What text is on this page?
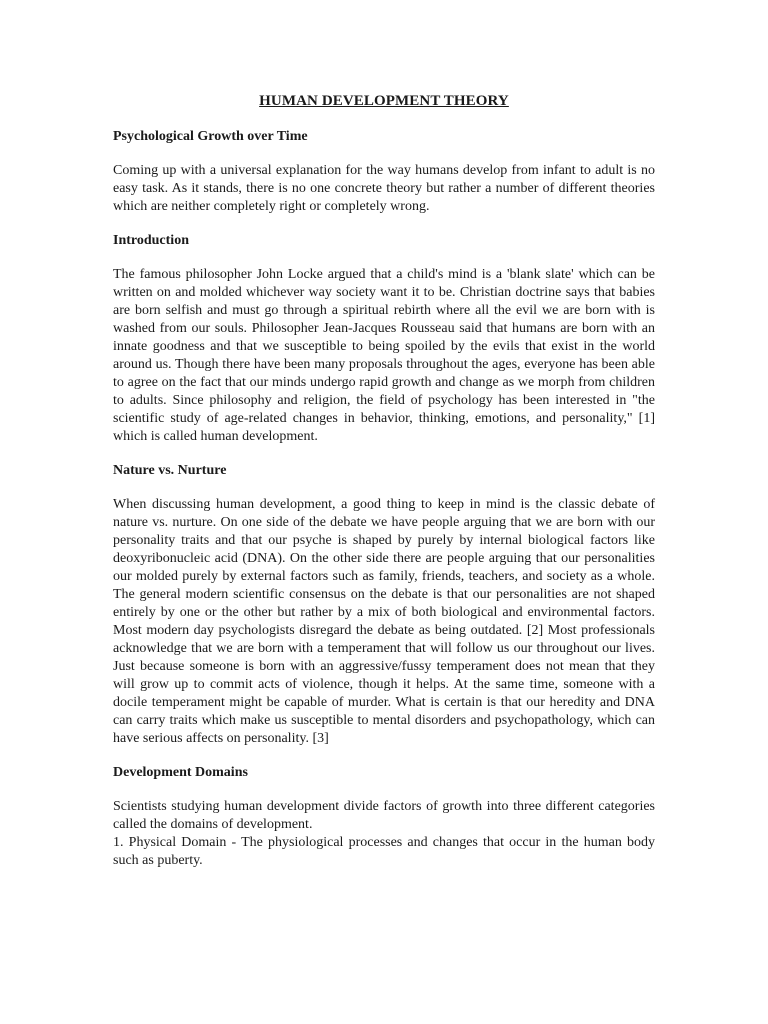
HUMAN DEVELOPMENT THEORY
Psychological Growth over Time

Coming up with a universal explanation for the way humans develop from infant to adult is no easy task. As it stands, there is no one concrete theory but rather a number of different theories which are neither completely right or completely wrong.

Introduction

The famous philosopher John Locke argued that a child's mind is a 'blank slate' which can be written on and molded whichever way society want it to be. Christian doctrine says that babies are born selfish and must go through a spiritual rebirth where all the evil we are born with is washed from our souls. Philosopher Jean-Jacques Rousseau said that humans are born with an innate goodness and that we susceptible to being spoiled by the evils that exist in the world around us. Though there have been many proposals throughout the ages, everyone has been able to agree on the fact that our minds undergo rapid growth and change as we morph from children to adults. Since philosophy and religion, the field of psychology has been interested in "the scientific study of age-related changes in behavior, thinking, emotions, and personality," [1] which is called human development.

Nature vs. Nurture

When discussing human development, a good thing to keep in mind is the classic debate of nature vs. nurture. On one side of the debate we have people arguing that we are born with our personality traits and that our psyche is shaped by purely by internal biological factors like deoxyribonucleic acid (DNA). On the other side there are people arguing that our personalities our molded purely by external factors such as family, friends, teachers, and society as a whole. The general modern scientific consensus on the debate is that our personalities are not shaped entirely by one or the other but rather by a mix of both biological and environmental factors. Most modern day psychologists disregard the debate as being outdated. [2] Most professionals acknowledge that we are born with a temperament that will follow us our throughout our lives. Just because someone is born with an aggressive/fussy temperament does not mean that they will grow up to commit acts of violence, though it helps. At the same time, someone with a docile temperament might be capable of murder. What is certain is that our heredity and DNA can carry traits which make us susceptible to mental disorders and psychopathology, which can have serious affects on personality. [3]

Development Domains

Scientists studying human development divide factors of growth into three different categories called the domains of development.

1. Physical Domain - The physiological processes and changes that occur in the human body such as puberty.
